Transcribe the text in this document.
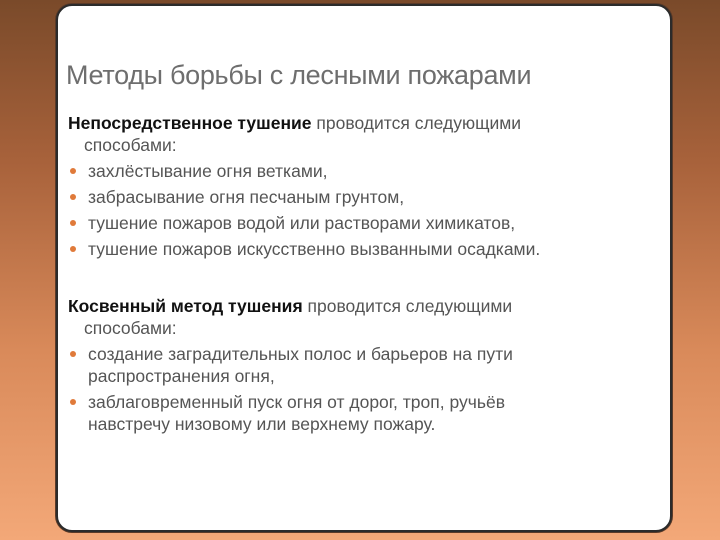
Методы борьбы с лесными пожарами

Непосредственное тушение проводится следующими
способами:

захлёстывание огня ветками,
забрасывание огня песчаным грунтом,
тушение пожаров водой или растворами химикатов,
тушение пожаров искусственно вызванными осадками.

Косвенный метод тушения проводится следующими
способами:

создание заградительных полос и барьеров на пути
распространения огня,
заблаговременный пуск огня от дорог, троп, ручьёв
навстречу низовому или верхнему пожару.
